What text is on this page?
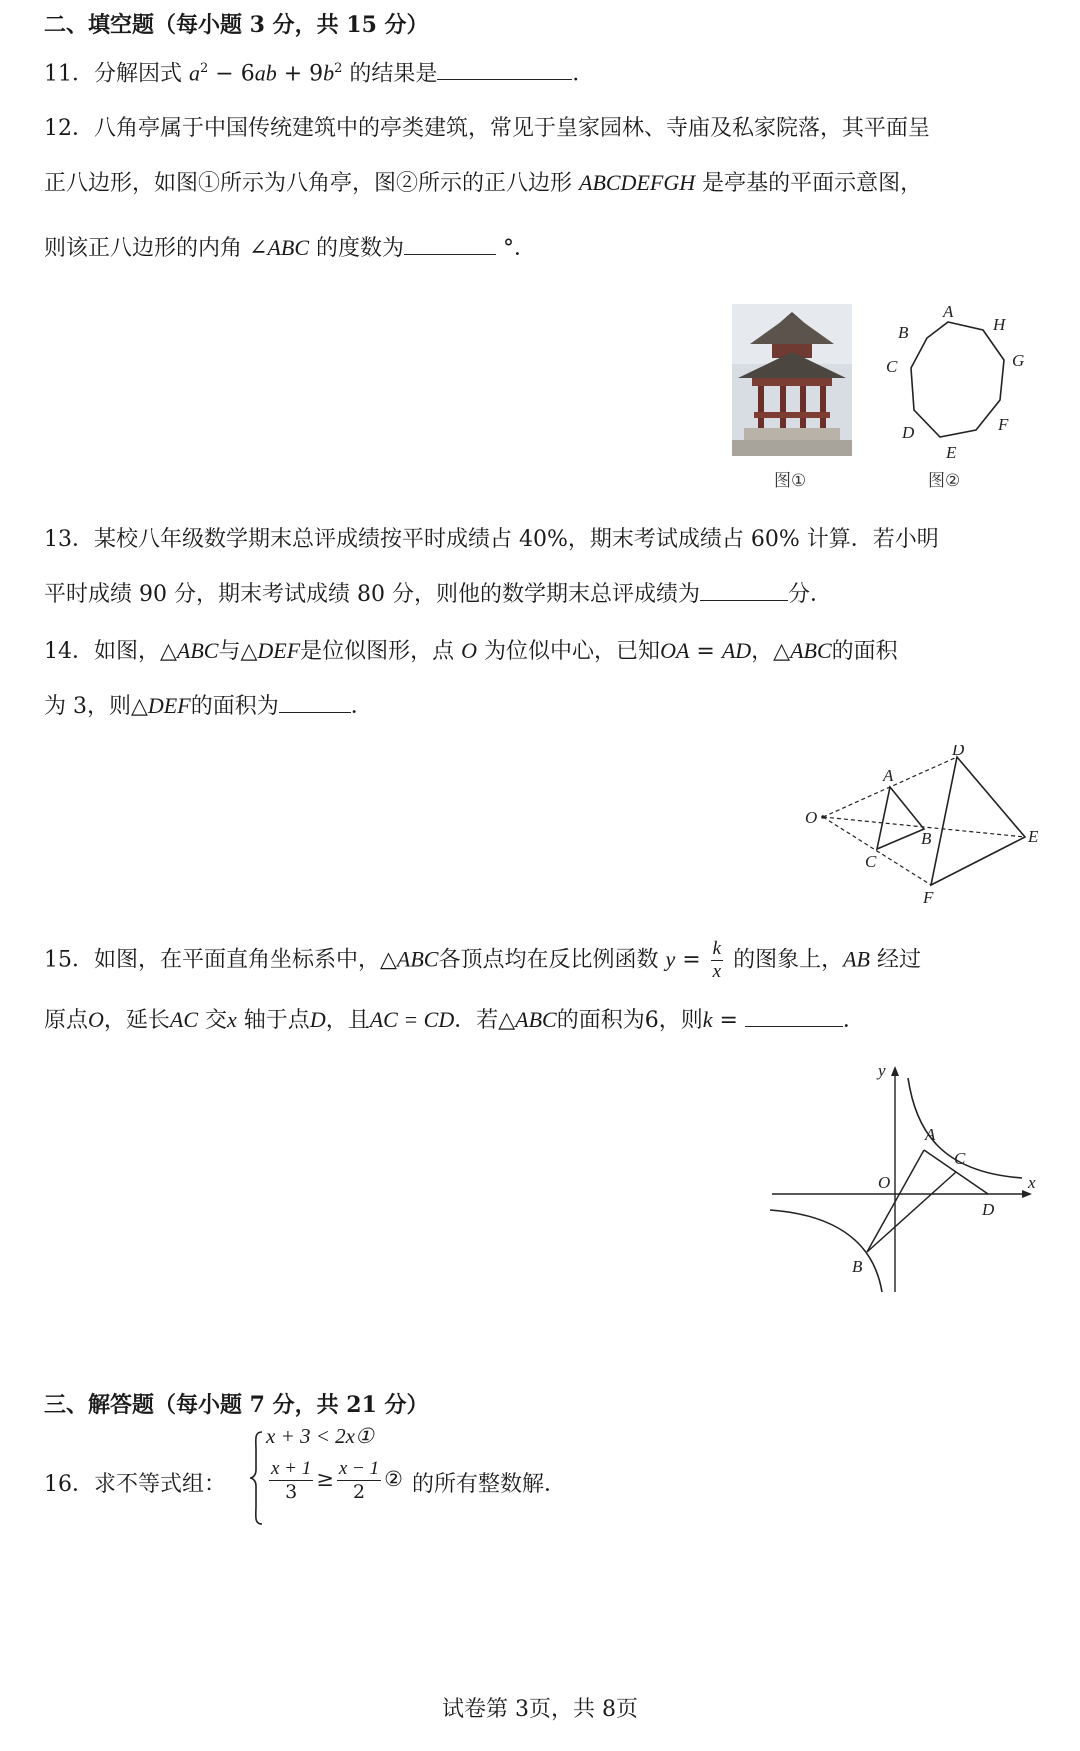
二、填空题（每小题 3 分，共 15 分）
11．分解因式 $a^2 - 6ab + 9b^2$ 的结果是	．
12．八角亭属于中国传统建筑中的亭类建筑，常见于皇家园林、寺庙及私家院落，其平面呈
正八边形，如图①所示为八角亭，图②所示的正八边形 ABCDEFGH 是亭基的平面示意图，
则该正八边形的内角 ∠ABC 的度数为	°．
A
H
G
F
E
D
C
B
图①	图②
13．某校八年级数学期末总评成绩按平时成绩占 40%，期末考试成绩占 60% 计算．若小明
平时成绩 90 分，期末考试成绩 80 分，则他的数学期末总评成绩为	分．
14．如图，△ABC与△DEF是位似图形，点 O 为位似中心，已知OA = AD，△ABC的面积
为 3，则△DEF的面积为	．
O
A
B
C
D
E
F
15．如图，在平面直角坐标系中，△ABC各顶点均在反比例函数 $y = \frac{k}{x}$ 的图象上，AB 经过
原点O，延长AC 交x 轴于点D，且AC = CD．若△ABC的面积为6，则k =	．
y
x
O
A
C
D
B
三、解答题（每小题 7 分，共 21 分）
16．求不等式组：
x + 3 < 2x①
$\frac{x + 1}{3} \ge \frac{x - 1}{2}$ ② 的所有整数解．
试卷第 3页，共 8页
